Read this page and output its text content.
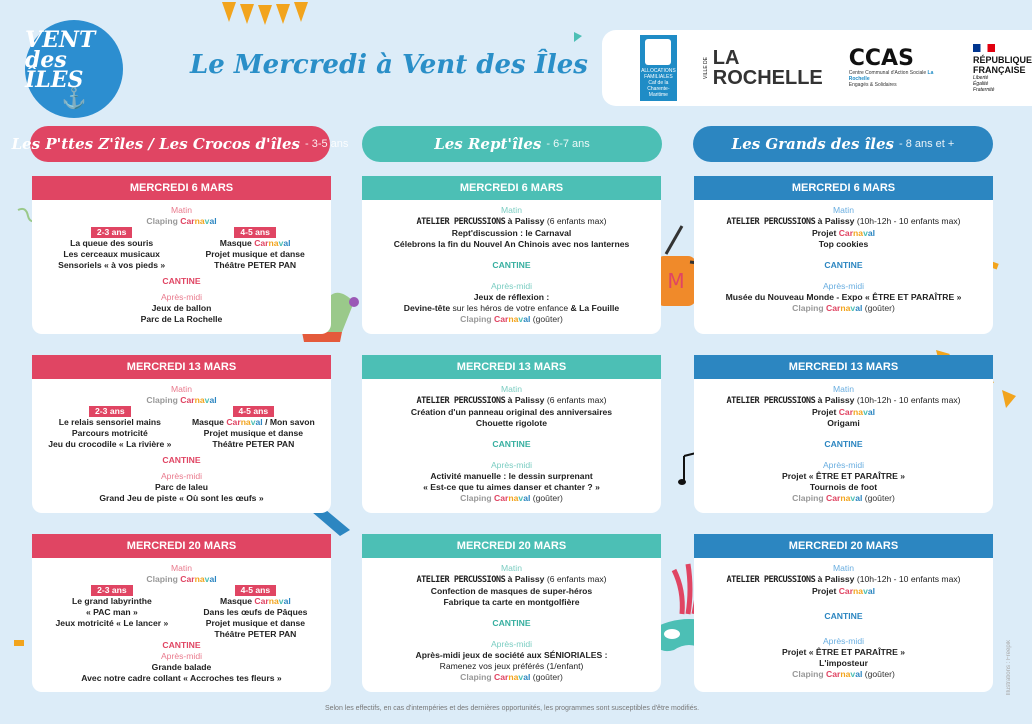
M
VENT des ÎLES
⚓
Le Mercredi à Vent des Îles	ALLOCATIONS FAMILIALES Caf de la Charente-Maritime
VILLE DE LA
ROCHELLE
CCAS
Centre Communal d'Action Sociale La Rochelle
Engagés & Solidaires
RÉPUBLIQUE
FRANÇAISE
Liberté
Égalité
Fraternité
Les P'ttes Z'îles / Les Crocos d'îles - 3-5 ans	Les Rept'îles - 6-7 ans	Les Grands des îles - 8 ans et +
MERCREDI 6 MARS
Matin
Claping Carnaval
2-3 ans
La queue des souris
Les cerceaux musicaux
Sensoriels « à vos pieds »
4-5 ans
Masque Carnaval
Projet musique et danse
Théâtre PETER PAN
CANTINE
Après-midi
Jeux de ballon
Parc de La Rochelle
MERCREDI 13 MARS
Matin
Claping Carnaval
2-3 ans
Le relais sensoriel mains
Parcours motricité
Jeu du crocodile « La rivière »
4-5 ans
Masque Carnaval / Mon savon
Projet musique et danse
Théâtre PETER PAN
CANTINE
Après-midi
Parc de laleu
Grand Jeu de piste « Où sont les œufs »
MERCREDI 20 MARS
Matin
Claping Carnaval
2-3 ans
Le grand labyrinthe
« PAC man »
Jeux motricité « Le lancer »
4-5 ans
Masque Carnaval
Dans les œufs de Pâques
Projet musique et danse
Théâtre PETER PAN
CANTINE
Après-midi
Grande balade
Avec notre cadre collant « Accroches tes fleurs »
MERCREDI 6 MARS
Matin
ATELIER PERCUSSIONS à Palissy (6 enfants max)
Rept'discussion : le Carnaval
Célebrons la fin du Nouvel An Chinois avec nos lanternes
CANTINE
Après-midi
Jeux de réflexion :
Devine-tête sur les héros de votre enfance & La Fouille
Claping Carnaval (goûter)
MERCREDI 13 MARS
Matin
ATELIER PERCUSSIONS à Palissy (6 enfants max)
Création d'un panneau original des anniversaires
Chouette rigolote
CANTINE
Après-midi
Activité manuelle : le dessin surprenant
« Est-ce que tu aimes danser et chanter ? »
Claping Carnaval (goûter)
MERCREDI 20 MARS
Matin
ATELIER PERCUSSIONS à Palissy (6 enfants max)
Confection de masques de super-héros
Fabrique ta carte en montgolfière
CANTINE
Après-midi
Après-midi jeux de société aux SÉNIORIALES :
Ramenez vos jeux préférés (1/enfant)
Claping Carnaval (goûter)
MERCREDI 6 MARS
Matin
ATELIER PERCUSSIONS à Palissy (10h-12h - 10 enfants max)
Projet Carnaval
Top cookies
CANTINE
Après-midi
Musée du Nouveau Monde - Expo « ÊTRE ET PARAÎTRE »
Claping Carnaval (goûter)
MERCREDI 13 MARS
Matin
ATELIER PERCUSSIONS à Palissy (10h-12h - 10 enfants max)
Projet Carnaval
Origami
CANTINE
Après-midi
Projet « ÊTRE ET PARAÎTRE »
Tournois de foot
Claping Carnaval (goûter)
MERCREDI 20 MARS
Matin
ATELIER PERCUSSIONS à Palissy (10h-12h - 10 enfants max)
Projet Carnaval
CANTINE
Après-midi
Projet « ÊTRE ET PARAÎTRE »
L'imposteur
Claping Carnaval (goûter)
Selon les effectifs, en cas d'intempéries et des dernières opportunités, les programmes sont susceptibles d'être modifiés.
Illustrations : Freepik
